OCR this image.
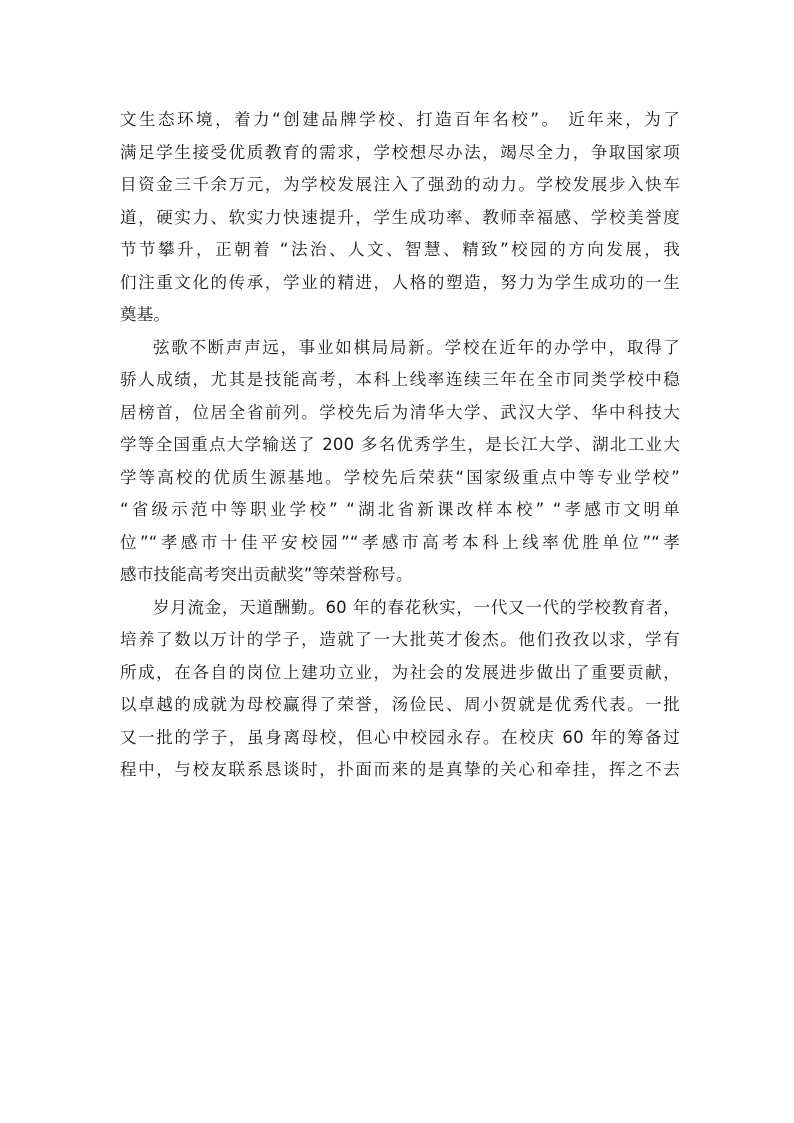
文生态环境，着力“创建品牌学校、打造百年名校”。 近年来，为了
满足学生接受优质教育的需求，学校想尽办法，竭尽全力，争取国家项
目资金三千余万元，为学校发展注入了强劲的动力。学校发展步入快车
道，硬实力、软实力快速提升，学生成功率、教师幸福感、学校美誉度
节节攀升，正朝着 “法治、人文、智慧、精致”校园的方向发展，我
们注重文化的传承，学业的精进，人格的塑造，努力为学生成功的一生
奠基。
弦歌不断声声远，事业如棋局局新。学校在近年的办学中，取得了
骄人成绩，尤其是技能高考，本科上线率连续三年在全市同类学校中稳
居榜首，位居全省前列。学校先后为清华大学、武汉大学、华中科技大
学等全国重点大学输送了 200 多名优秀学生，是长江大学、湖北工业大
学等高校的优质生源基地。学校先后荣获“国家级重点中等专业学校”
“省级示范中等职业学校” “湖北省新课改样本校” “孝感市文明单
位”“孝感市十佳平安校园”“孝感市高考本科上线率优胜单位”“孝
感市技能高考突出贡献奖”等荣誉称号。
岁月流金，天道酬勤。60 年的春花秋实，一代又一代的学校教育者，
培养了数以万计的学子，造就了一大批英才俊杰。他们孜孜以求，学有
所成，在各自的岗位上建功立业，为社会的发展进步做出了重要贡献，
以卓越的成就为母校赢得了荣誉，汤俭民、周小贺就是优秀代表。一批
又一批的学子，虽身离母校，但心中校园永存。在校庆 60 年的筹备过
程中，与校友联系恳谈时，扑面而来的是真挚的关心和牵挂，挥之不去
